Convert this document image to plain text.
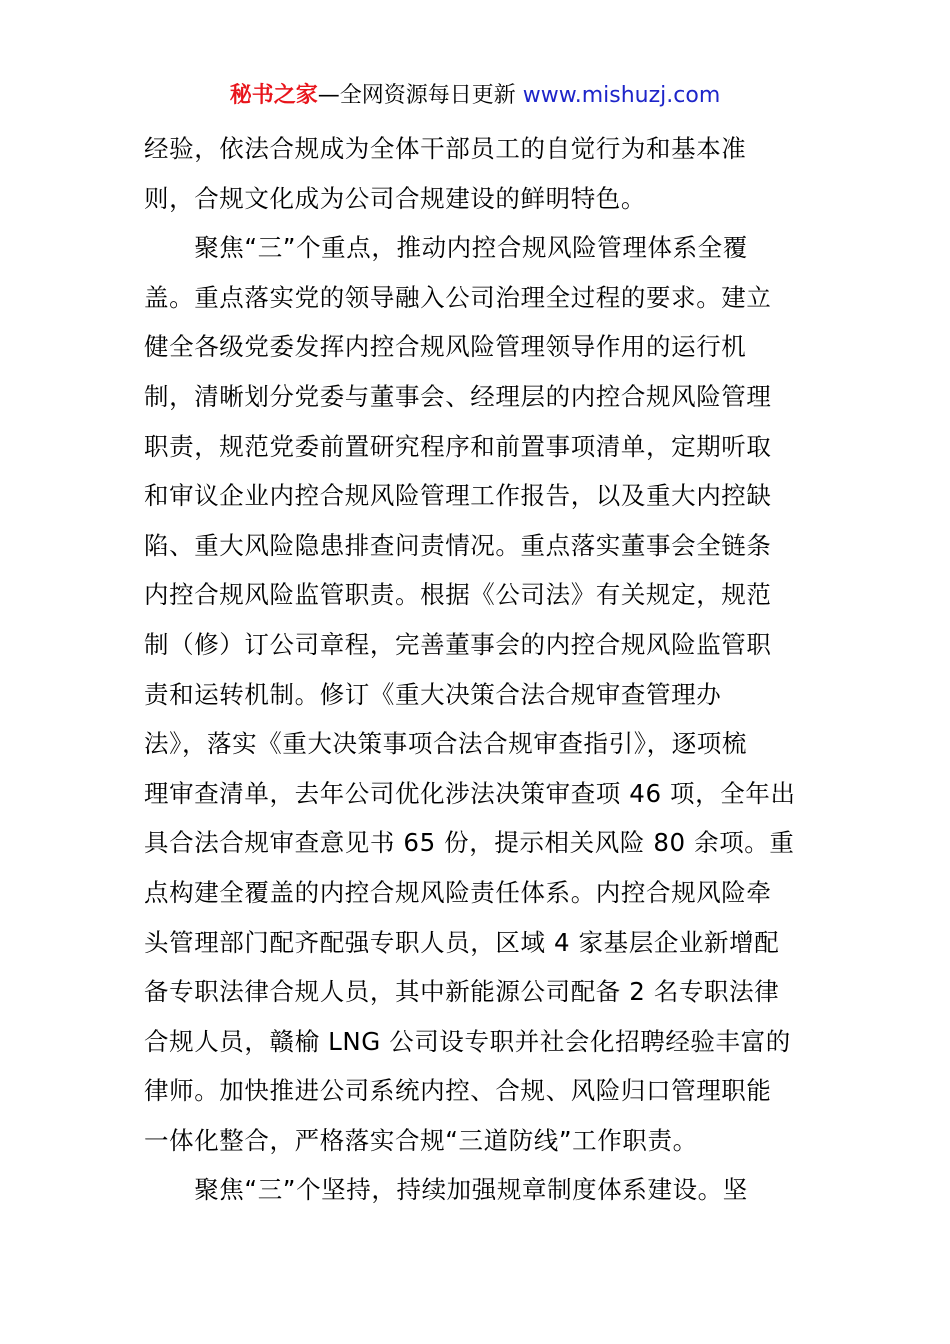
秘书之家—全网资源每日更新 www.mishuzj.com
经验，依法合规成为全体干部员工的自觉行为和基本准
则，合规文化成为公司合规建设的鲜明特色。
　　聚焦“三”个重点，推动内控合规风险管理体系全覆
盖。重点落实党的领导融入公司治理全过程的要求。建立
健全各级党委发挥内控合规风险管理领导作用的运行机
制，清晰划分党委与董事会、经理层的内控合规风险管理
职责，规范党委前置研究程序和前置事项清单，定期听取
和审议企业内控合规风险管理工作报告，以及重大内控缺
陷、重大风险隐患排查问责情况。重点落实董事会全链条
内控合规风险监管职责。根据《公司法》有关规定，规范
制（修）订公司章程，完善董事会的内控合规风险监管职
责和运转机制。修订《重大决策合法合规审查管理办
法》，落实《重大决策事项合法合规审查指引》，逐项梳
理审查清单，去年公司优化涉法决策审查项 46 项，全年出
具合法合规审查意见书 65 份，提示相关风险 80 余项。重
点构建全覆盖的内控合规风险责任体系。内控合规风险牵
头管理部门配齐配强专职人员，区域 4 家基层企业新增配
备专职法律合规人员，其中新能源公司配备 2 名专职法律
合规人员，赣榆 LNG 公司设专职并社会化招聘经验丰富的
律师。加快推进公司系统内控、合规、风险归口管理职能
一体化整合，严格落实合规“三道防线”工作职责。
　　聚焦“三”个坚持，持续加强规章制度体系建设。坚
